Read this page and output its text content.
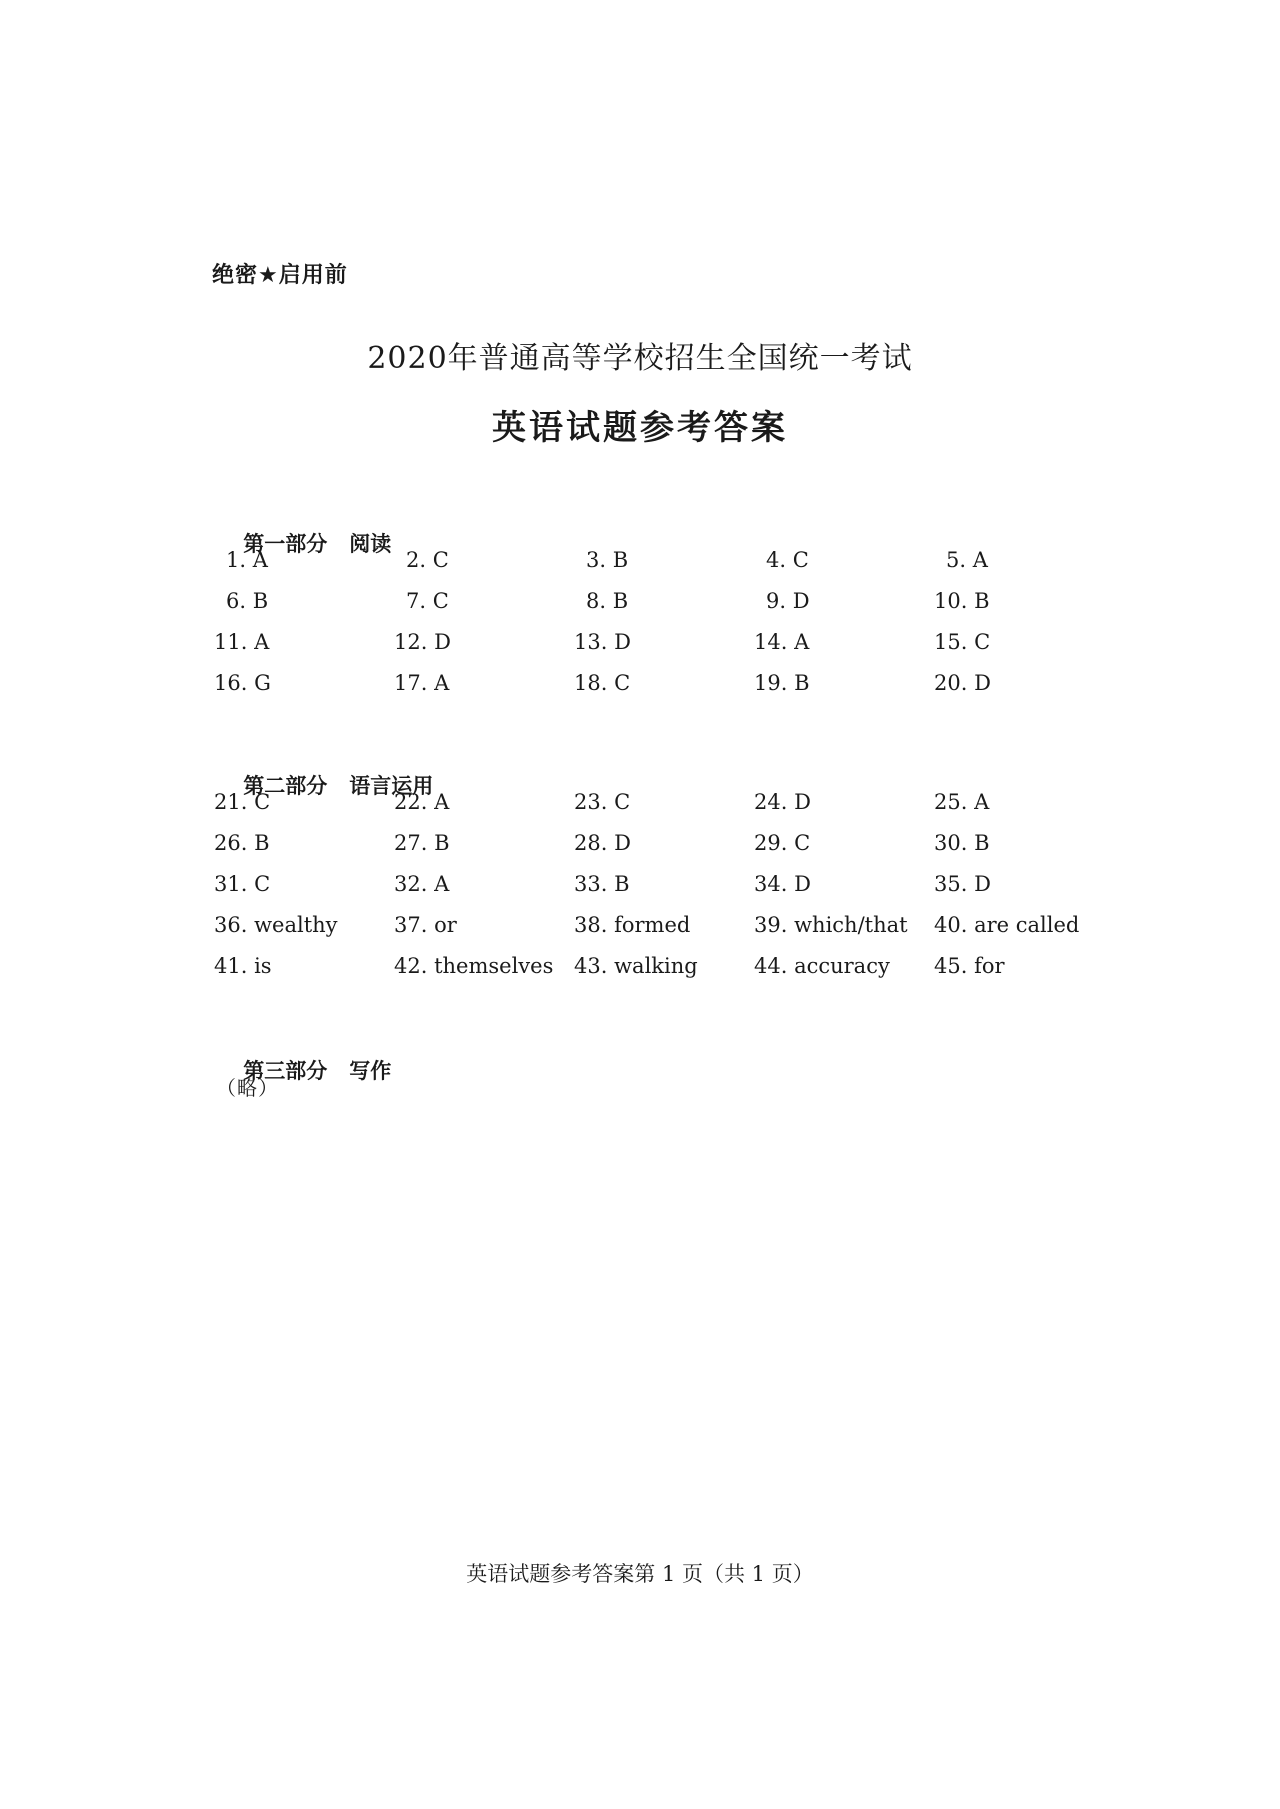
绝密★启用前
2020年普通高等学校招生全国统一考试
英语试题参考答案

第一部分 阅读

1. A	2. C	3. B	4. C	5. A
6. B	7. C	8. B	9. D	10. B
11. A	12. D	13. D	14. A	15. C
16. G	17. A	18. C	19. B	20. D

第二部分 语言运用

21. C	22. A	23. C	24. D	25. A
26. B	27. B	28. D	29. C	30. B
31. C	32. A	33. B	34. D	35. D
36. wealthy	37. or	38. formed	39. which/that	40. are called
41. is	42. themselves 43. walking	44. accuracy	45. for

第三部分 写作

（略）
英语试题参考答案第 1 页（共 1 页）
